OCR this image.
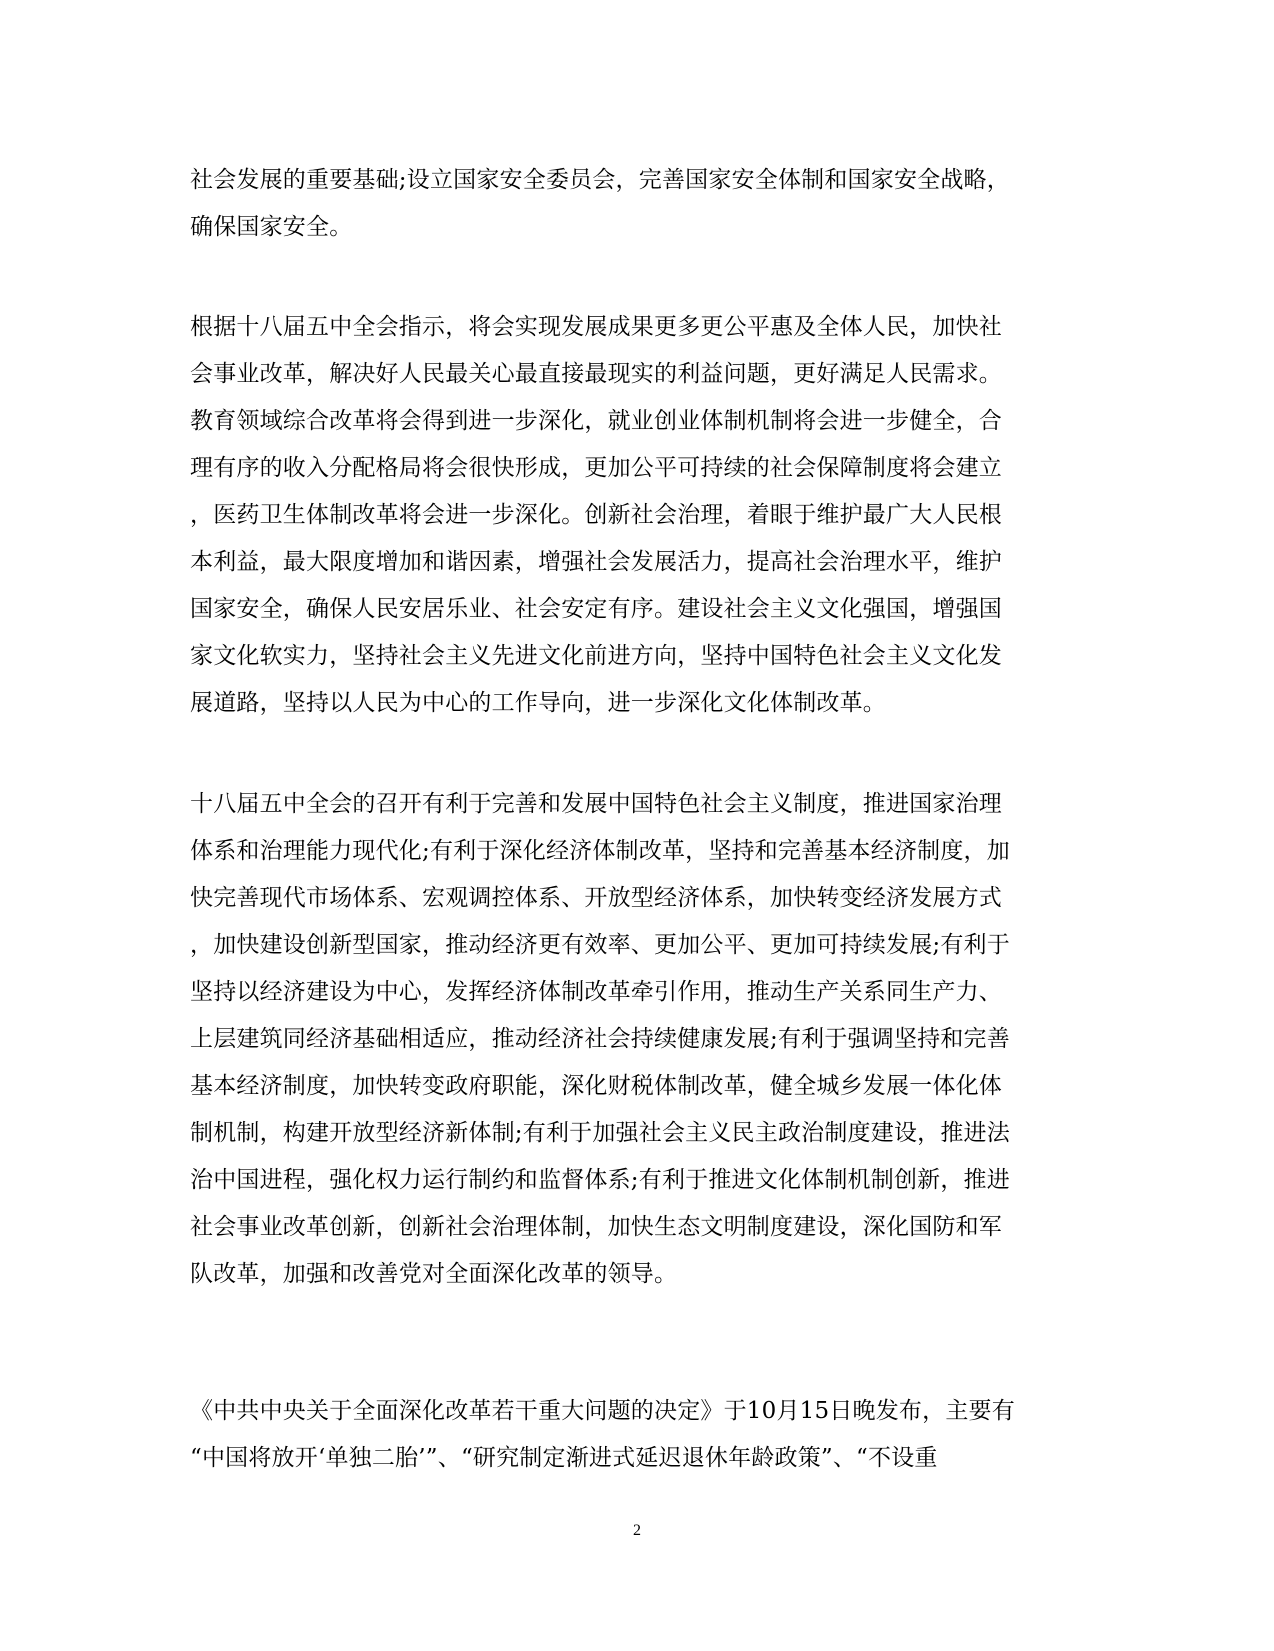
社会发展的重要基础;设立国家安全委员会，完善国家安全体制和国家安全战略，
确保国家安全。
根据十八届五中全会指示，将会实现发展成果更多更公平惠及全体人民，加快社
会事业改革，解决好人民最关心最直接最现实的利益问题，更好满足人民需求。
教育领域综合改革将会得到进一步深化，就业创业体制机制将会进一步健全，合
理有序的收入分配格局将会很快形成，更加公平可持续的社会保障制度将会建立
，医药卫生体制改革将会进一步深化。创新社会治理，着眼于维护最广大人民根
本利益，最大限度增加和谐因素，增强社会发展活力，提高社会治理水平，维护
国家安全，确保人民安居乐业、社会安定有序。建设社会主义文化强国，增强国
家文化软实力，坚持社会主义先进文化前进方向，坚持中国特色社会主义文化发
展道路，坚持以人民为中心的工作导向，进一步深化文化体制改革。
十八届五中全会的召开有利于完善和发展中国特色社会主义制度，推进国家治理
体系和治理能力现代化;有利于深化经济体制改革，坚持和完善基本经济制度，加
快完善现代市场体系、宏观调控体系、开放型经济体系，加快转变经济发展方式
，加快建设创新型国家，推动经济更有效率、更加公平、更加可持续发展;有利于
坚持以经济建设为中心，发挥经济体制改革牵引作用，推动生产关系同生产力、
上层建筑同经济基础相适应，推动经济社会持续健康发展;有利于强调坚持和完善
基本经济制度，加快转变政府职能，深化财税体制改革，健全城乡发展一体化体
制机制，构建开放型经济新体制;有利于加强社会主义民主政治制度建设，推进法
治中国进程，强化权力运行制约和监督体系;有利于推进文化体制机制创新，推进
社会事业改革创新，创新社会治理体制，加快生态文明制度建设，深化国防和军
队改革，加强和改善党对全面深化改革的领导。
《中共中央关于全面深化改革若干重大问题的决定》于10月15日晚发布，主要有
“中国将放开‘单独二胎’”、“研究制定渐进式延迟退休年龄政策”、“不设重
2
